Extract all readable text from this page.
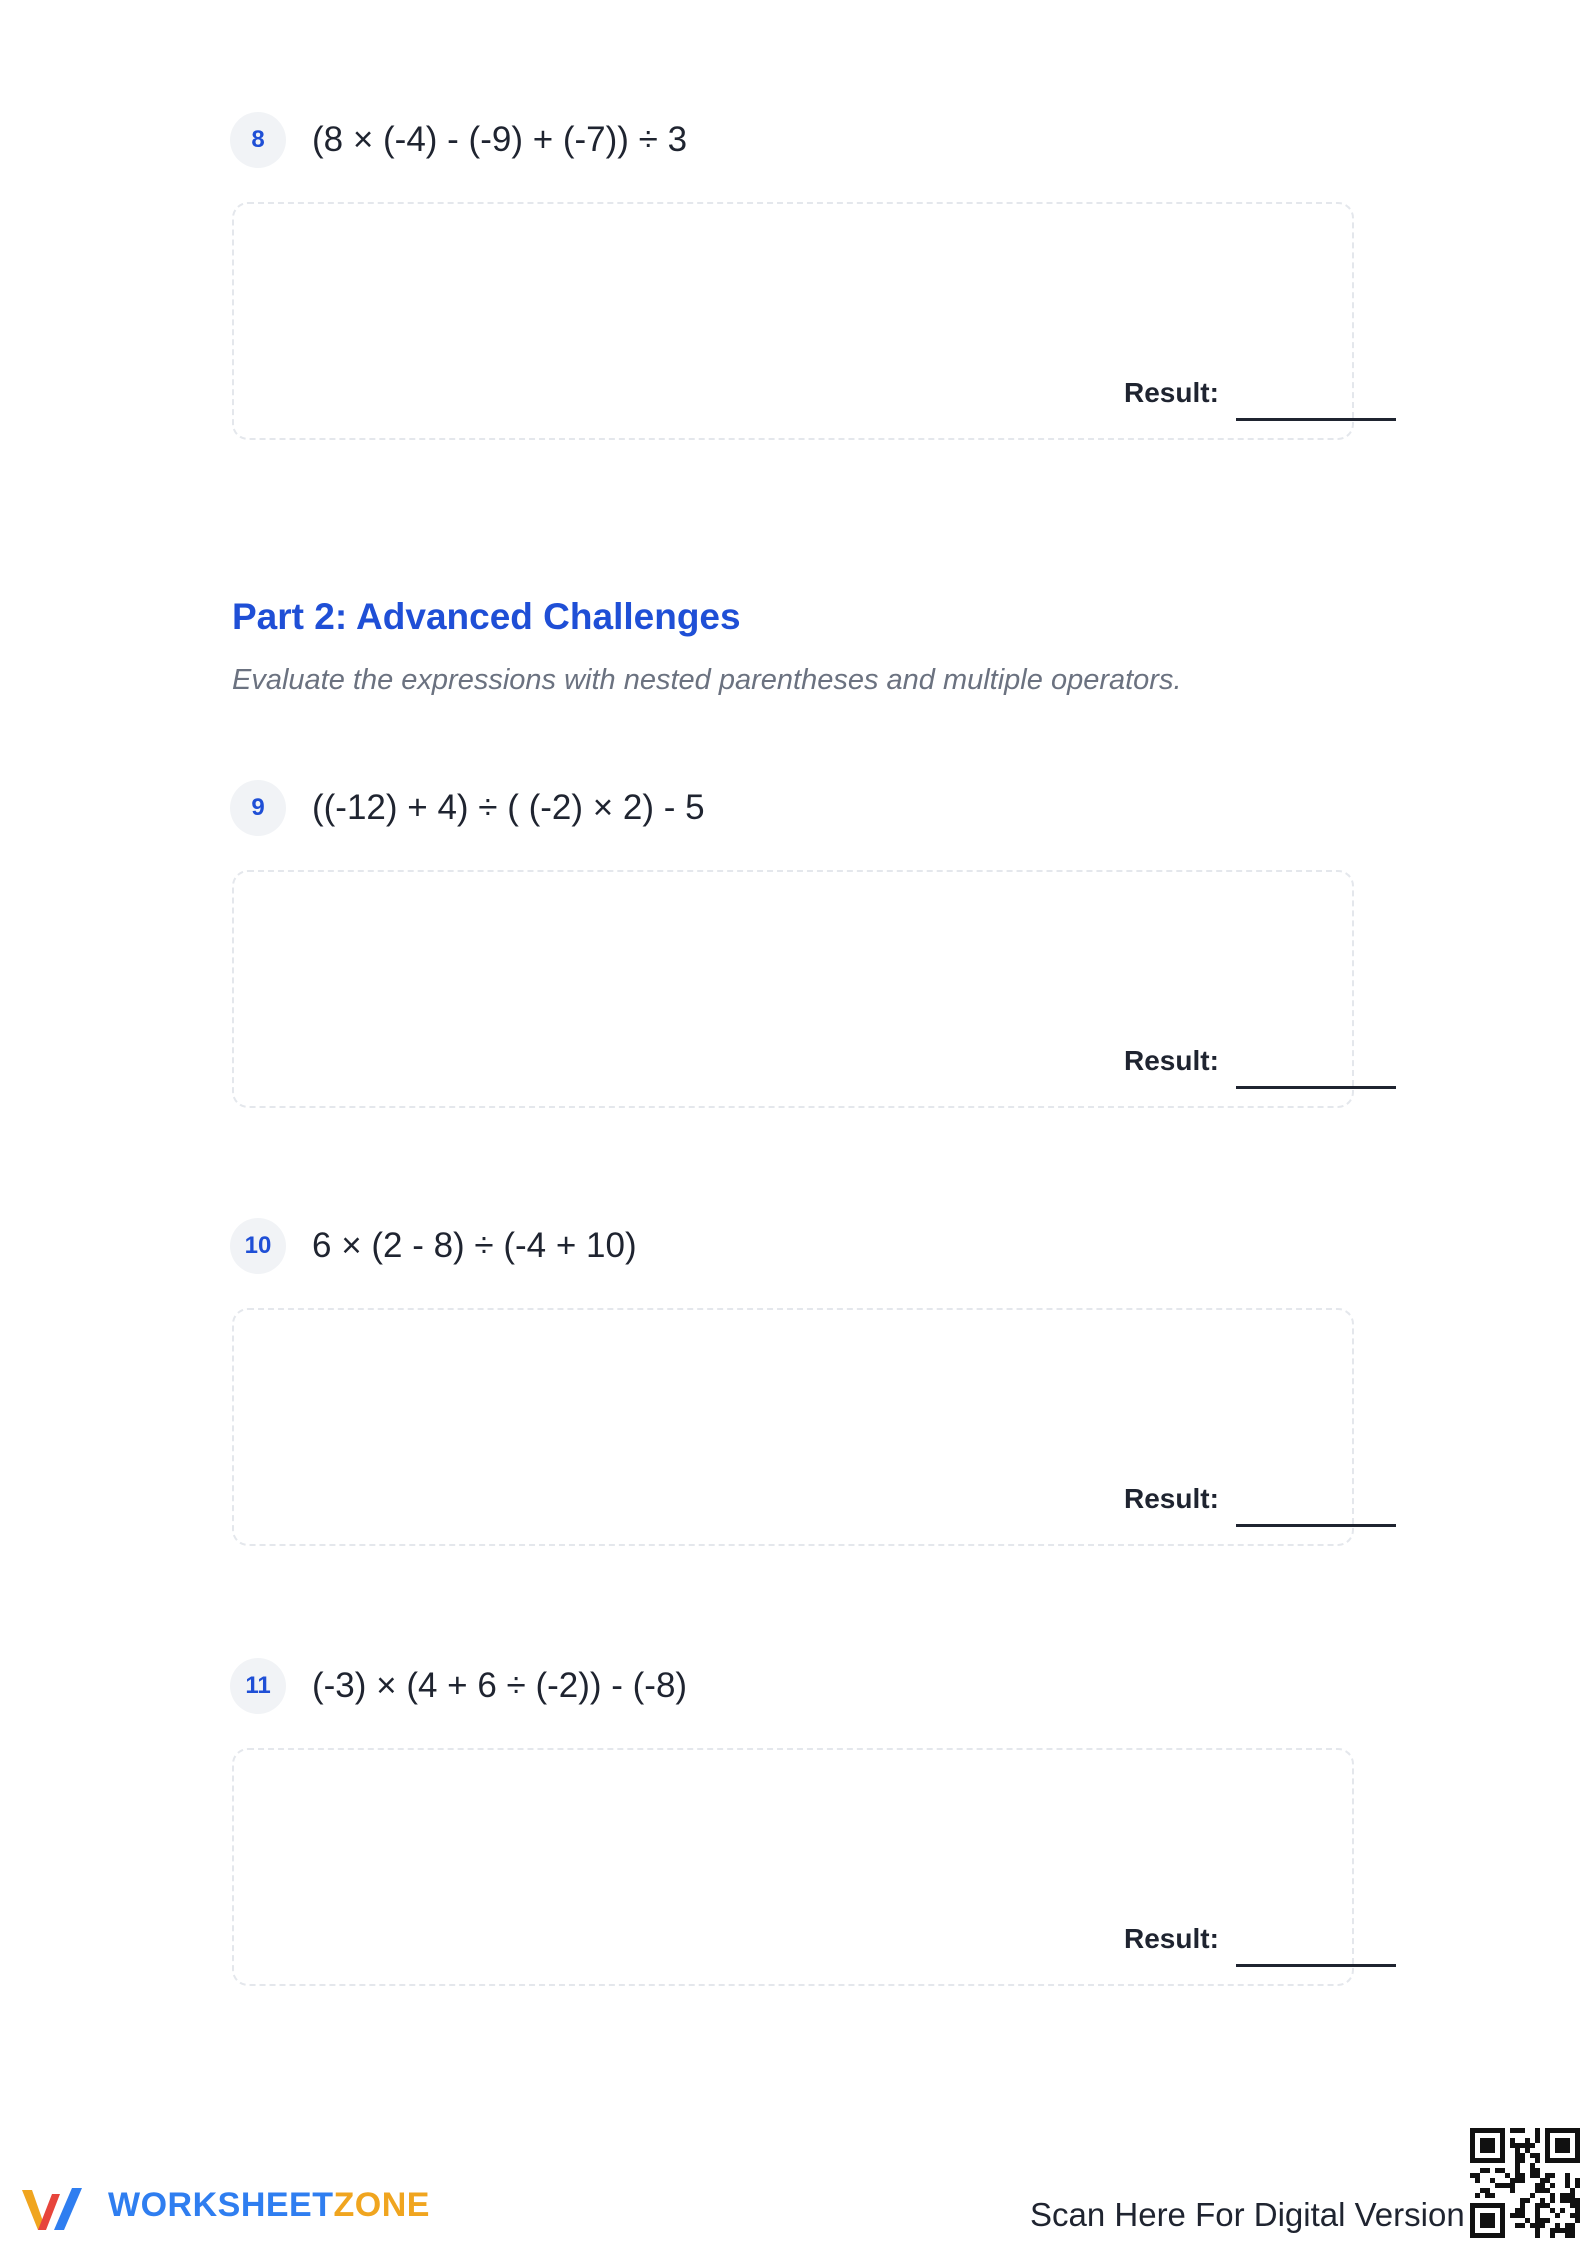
8 (8 × (-4) - (-9) + (-7)) ÷ 3
Result:
Part 2: Advanced Challenges
Evaluate the expressions with nested parentheses and multiple operators.
9 ((-12) + 4) ÷ ( (-2) × 2) - 5
Result:
10 6 × (2 - 8) ÷ (-4 + 10)
Result:
11 (-3) × (4 + 6 ÷ (-2)) - (-8)
Result:
WORKSHEETZONE	Scan Here For Digital Version
